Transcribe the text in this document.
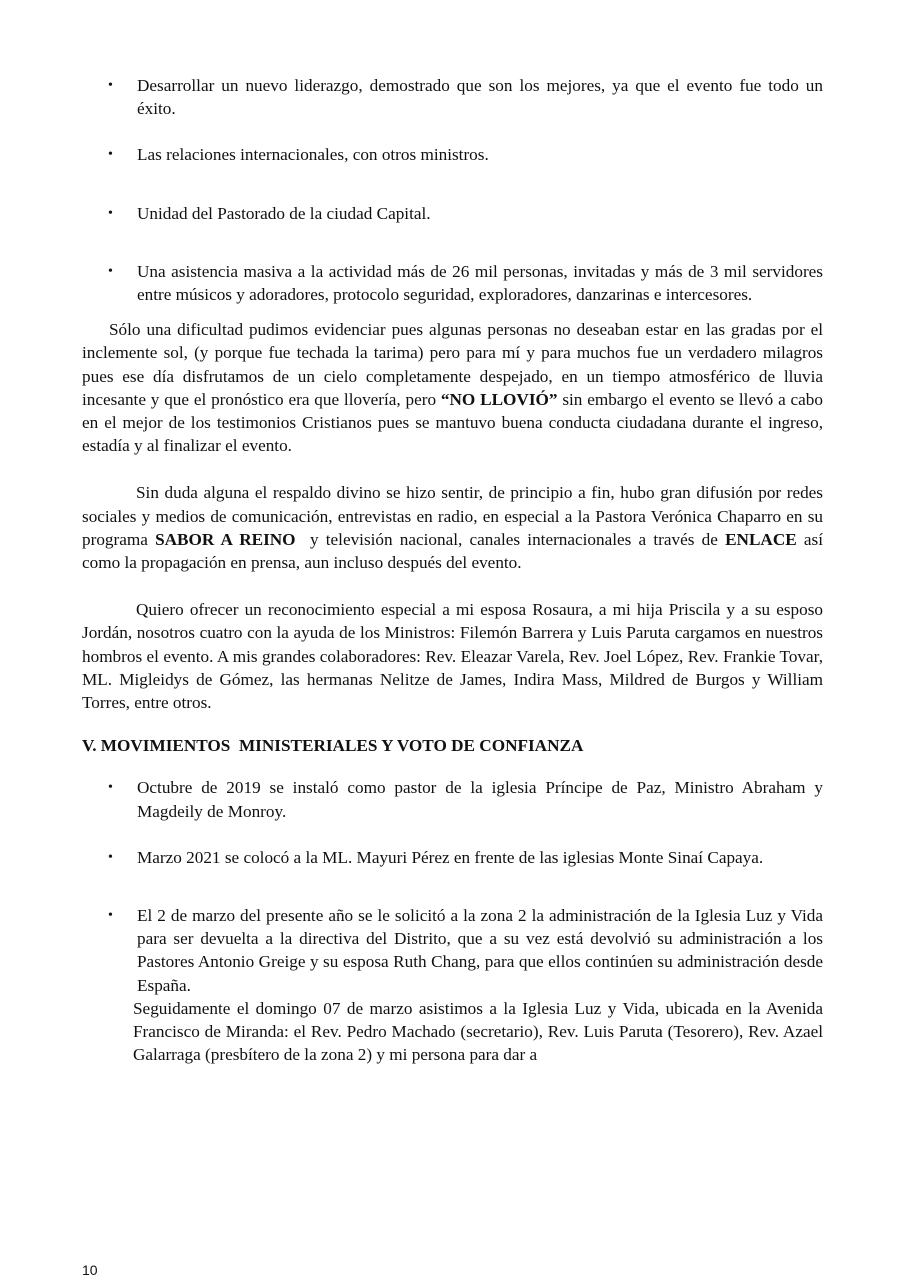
• Desarrollar un nuevo liderazgo, demostrado que son los mejores, ya que el evento fue todo un éxito.
• Las relaciones internacionales, con otros ministros.
• Unidad del Pastorado de la ciudad Capital.
• Una asistencia masiva a la actividad más de 26 mil personas, invitadas y más de 3 mil servidores entre músicos y adoradores, protocolo seguridad, exploradores, danzarinas e intercesores.

Sólo una dificultad pudimos evidenciar pues algunas personas no deseaban estar en las gradas por el inclemente sol, (y porque fue techada la tarima) pero para mí y para muchos fue un verdadero milagros pues ese día disfrutamos de un cielo completamente despejado, en un tiempo atmosférico de lluvia incesante y que el pronóstico era que llovería, pero “NO LLOVIÓ” sin embargo el evento se llevó a cabo en el mejor de los testimonios Cristianos pues se mantuvo buena conducta ciudadana durante el ingreso, estadía y al finalizar el evento.

Sin duda alguna el respaldo divino se hizo sentir, de principio a fin, hubo gran difusión por redes sociales y medios de comunicación, entrevistas en radio, en especial a la Pastora Verónica Chaparro en su programa SABOR A REINO  y televisión nacional, canales internacionales a través de ENLACE así como la propagación en prensa, aun incluso después del evento.

Quiero ofrecer un reconocimiento especial a mi esposa Rosaura, a mi hija Priscila y a su esposo Jordán, nosotros cuatro con la ayuda de los Ministros: Filemón Barrera y Luis Paruta cargamos en nuestros hombros el evento. A mis grandes colaboradores: Rev. Eleazar Varela, Rev. Joel López, Rev. Frankie Tovar, ML. Migleidys de Gómez, las hermanas Nelitze de James, Indira Mass, Mildred de Burgos y William Torres, entre otros.

V. MOVIMIENTOS  MINISTERIALES Y VOTO DE CONFIANZA
• Octubre de 2019 se instaló como pastor de la iglesia Príncipe de Paz, Ministro Abraham y Magdeily de Monroy.
• Marzo 2021 se colocó a la ML. Mayuri Pérez en frente de las iglesias Monte Sinaí Capaya.
• El 2 de marzo del presente año se le solicitó a la zona 2 la administración de la Iglesia Luz y Vida para ser devuelta a la directiva del Distrito, que a su vez está devolvió su administración a los Pastores Antonio Greige y su esposa Ruth Chang, para que ellos continúen su administración desde España.
Seguidamente el domingo 07 de marzo asistimos a la Iglesia Luz y Vida, ubicada en la Avenida Francisco de Miranda: el Rev. Pedro Machado (secretario), Rev. Luis Paruta (Tesorero), Rev. Azael Galarraga (presbítero de la zona 2) y mi persona para dar a
10
